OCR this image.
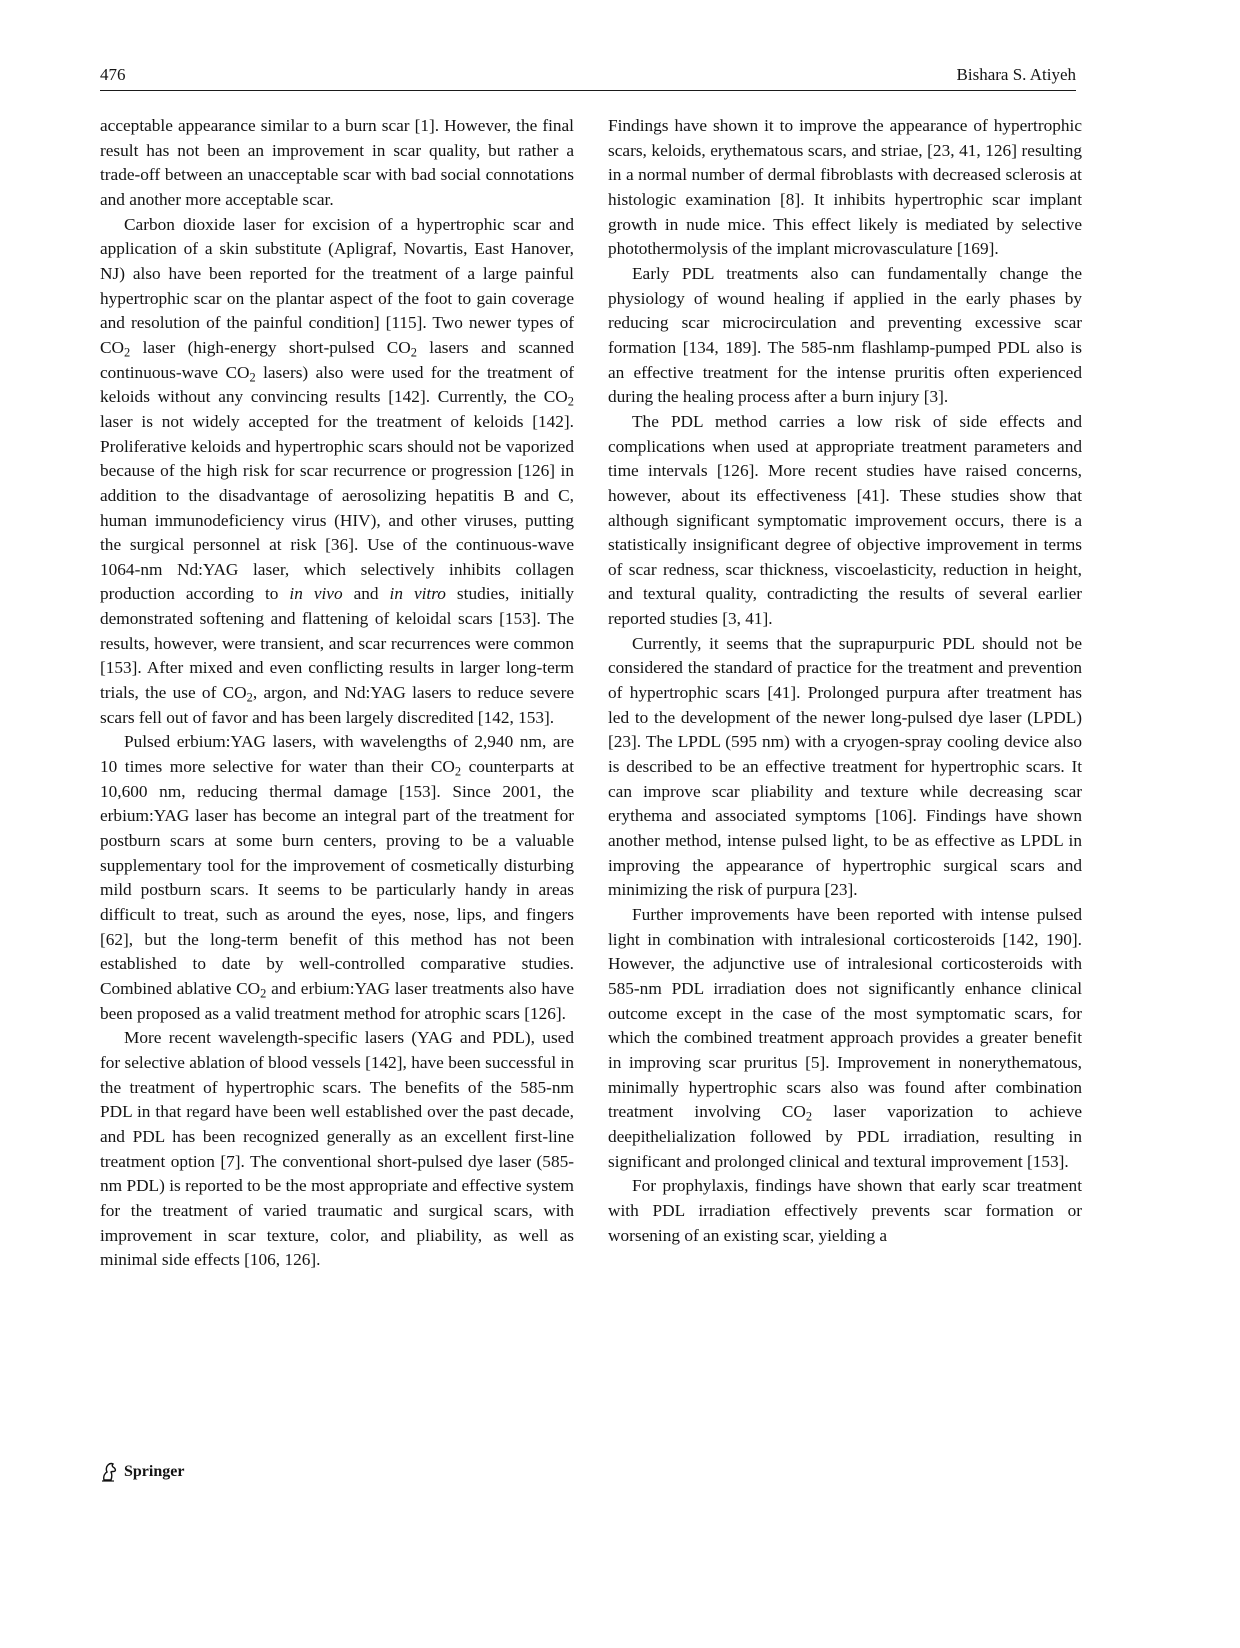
476	Bishara S. Atiyeh

acceptable appearance similar to a burn scar [1]. However, the final result has not been an improvement in scar quality, but rather a trade-off between an unacceptable scar with bad social connotations and another more acceptable scar.

Carbon dioxide laser for excision of a hypertrophic scar and application of a skin substitute (Apligraf, Novartis, East Hanover, NJ) also have been reported for the treatment of a large painful hypertrophic scar on the plantar aspect of the foot to gain coverage and resolution of the painful condition] [115]. Two newer types of $CO_2$ laser (high-energy short-pulsed $CO_2$ lasers and scanned continuous-wave $CO_2$ lasers) also were used for the treatment of keloids without any convincing results [142]. Currently, the $CO_2$ laser is not widely accepted for the treatment of keloids [142]. Proliferative keloids and hypertrophic scars should not be vaporized because of the high risk for scar recurrence or progression [126] in addition to the disadvantage of aerosolizing hepatitis B and C, human immunodeficiency virus (HIV), and other viruses, putting the surgical personnel at risk [36]. Use of the continuous-wave 1064-nm Nd:YAG laser, which selectively inhibits collagen production according to in vivo and in vitro studies, initially demonstrated softening and flattening of keloidal scars [153]. The results, however, were transient, and scar recurrences were common [153]. After mixed and even conflicting results in larger long-term trials, the use of $CO_2$, argon, and Nd:YAG lasers to reduce severe scars fell out of favor and has been largely discredited [142, 153].

Pulsed erbium:YAG lasers, with wavelengths of 2,940 nm, are 10 times more selective for water than their $CO_2$ counterparts at 10,600 nm, reducing thermal damage [153]. Since 2001, the erbium:YAG laser has become an integral part of the treatment for postburn scars at some burn centers, proving to be a valuable supplementary tool for the improvement of cosmetically disturbing mild postburn scars. It seems to be particularly handy in areas difficult to treat, such as around the eyes, nose, lips, and fingers [62], but the long-term benefit of this method has not been established to date by well-controlled comparative studies. Combined ablative $CO_2$ and erbium:YAG laser treatments also have been proposed as a valid treatment method for atrophic scars [126].

More recent wavelength-specific lasers (YAG and PDL), used for selective ablation of blood vessels [142], have been successful in the treatment of hypertrophic scars. The benefits of the 585-nm PDL in that regard have been well established over the past decade, and PDL has been recognized generally as an excellent first-line treatment option [7]. The conventional short-pulsed dye laser (585-nm PDL) is reported to be the most appropriate and effective system for the treatment of varied traumatic and surgical scars, with improvement in scar texture, color, and pliability, as well as minimal side effects [106, 126].

Findings have shown it to improve the appearance of hypertrophic scars, keloids, erythematous scars, and striae, [23, 41, 126] resulting in a normal number of dermal fibroblasts with decreased sclerosis at histologic examination [8]. It inhibits hypertrophic scar implant growth in nude mice. This effect likely is mediated by selective photothermolysis of the implant microvasculature [169].

Early PDL treatments also can fundamentally change the physiology of wound healing if applied in the early phases by reducing scar microcirculation and preventing excessive scar formation [134, 189]. The 585-nm flashlamp-pumped PDL also is an effective treatment for the intense pruritis often experienced during the healing process after a burn injury [3].

The PDL method carries a low risk of side effects and complications when used at appropriate treatment parameters and time intervals [126]. More recent studies have raised concerns, however, about its effectiveness [41]. These studies show that although significant symptomatic improvement occurs, there is a statistically insignificant degree of objective improvement in terms of scar redness, scar thickness, viscoelasticity, reduction in height, and textural quality, contradicting the results of several earlier reported studies [3, 41].

Currently, it seems that the suprapurpuric PDL should not be considered the standard of practice for the treatment and prevention of hypertrophic scars [41]. Prolonged purpura after treatment has led to the development of the newer long-pulsed dye laser (LPDL) [23]. The LPDL (595 nm) with a cryogen-spray cooling device also is described to be an effective treatment for hypertrophic scars. It can improve scar pliability and texture while decreasing scar erythema and associated symptoms [106]. Findings have shown another method, intense pulsed light, to be as effective as LPDL in improving the appearance of hypertrophic surgical scars and minimizing the risk of purpura [23].

Further improvements have been reported with intense pulsed light in combination with intralesional corticosteroids [142, 190]. However, the adjunctive use of intralesional corticosteroids with 585-nm PDL irradiation does not significantly enhance clinical outcome except in the case of the most symptomatic scars, for which the combined treatment approach provides a greater benefit in improving scar pruritus [5]. Improvement in nonerythematous, minimally hypertrophic scars also was found after combination treatment involving $CO_2$ laser vaporization to achieve deepithelialization followed by PDL irradiation, resulting in significant and prolonged clinical and textural improvement [153].

For prophylaxis, findings have shown that early scar treatment with PDL irradiation effectively prevents scar formation or worsening of an existing scar, yielding a

Springer
